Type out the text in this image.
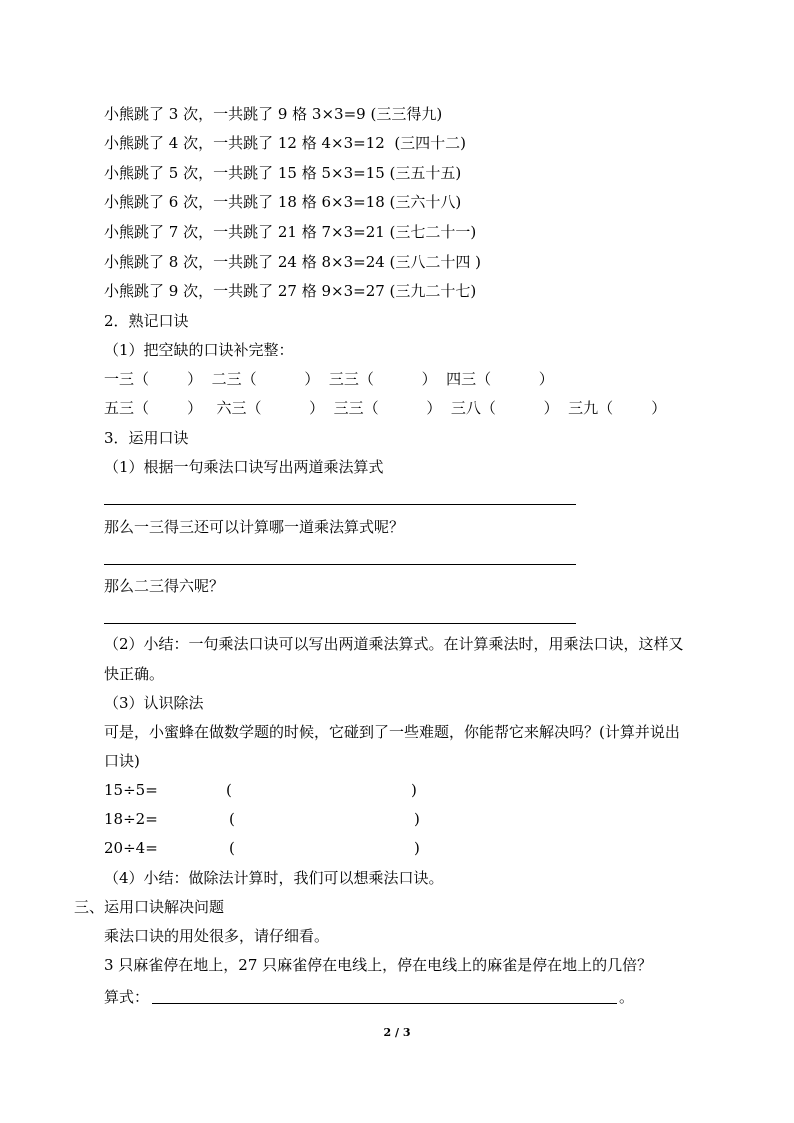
小熊跳了 3 次，一共跳了 9 格 3×3=9 (三三得九)
小熊跳了 4 次，一共跳了 12 格 4×3=12  (三四十二)
小熊跳了 5 次，一共跳了 15 格 5×3=15 (三五十五)
小熊跳了 6 次，一共跳了 18 格 6×3=18 (三六十八)
小熊跳了 7 次，一共跳了 21 格 7×3=21 (三七二十一)
小熊跳了 8 次，一共跳了 24 格 8×3=24 (三八二十四 )
小熊跳了 9 次，一共跳了 27 格 9×3=27 (三九二十七)
2．熟记口诀
（1）把空缺的口诀补完整：
一三（        ）  二三（          ）  三三（          ）  四三（          ）
五三（        ）   六三（          ）  三三（          ）  三八（          ）  三九（        ）
3．运用口诀
（1）根据一句乘法口诀写出两道乘法算式
那么一三得三还可以计算哪一道乘法算式呢？
那么二三得六呢？
（2）小结：一句乘法口诀可以写出两道乘法算式。在计算乘法时，用乘法口诀，这样又
快正确。
（3）认识除法
可是，小蜜蜂在做数学题的时候，它碰到了一些难题，你能帮它来解决吗？(计算并说出
口诀)
15÷5=	(	)
18÷2=	(	)
20÷4=	(	)
（4）小结：做除法计算时，我们可以想乘法口诀。
三、运用口诀解决问题
乘法口诀的用处很多，请仔细看。
3 只麻雀停在地上，27 只麻雀停在电线上，停在电线上的麻雀是停在地上的几倍？
算式：	。
2 / 3
